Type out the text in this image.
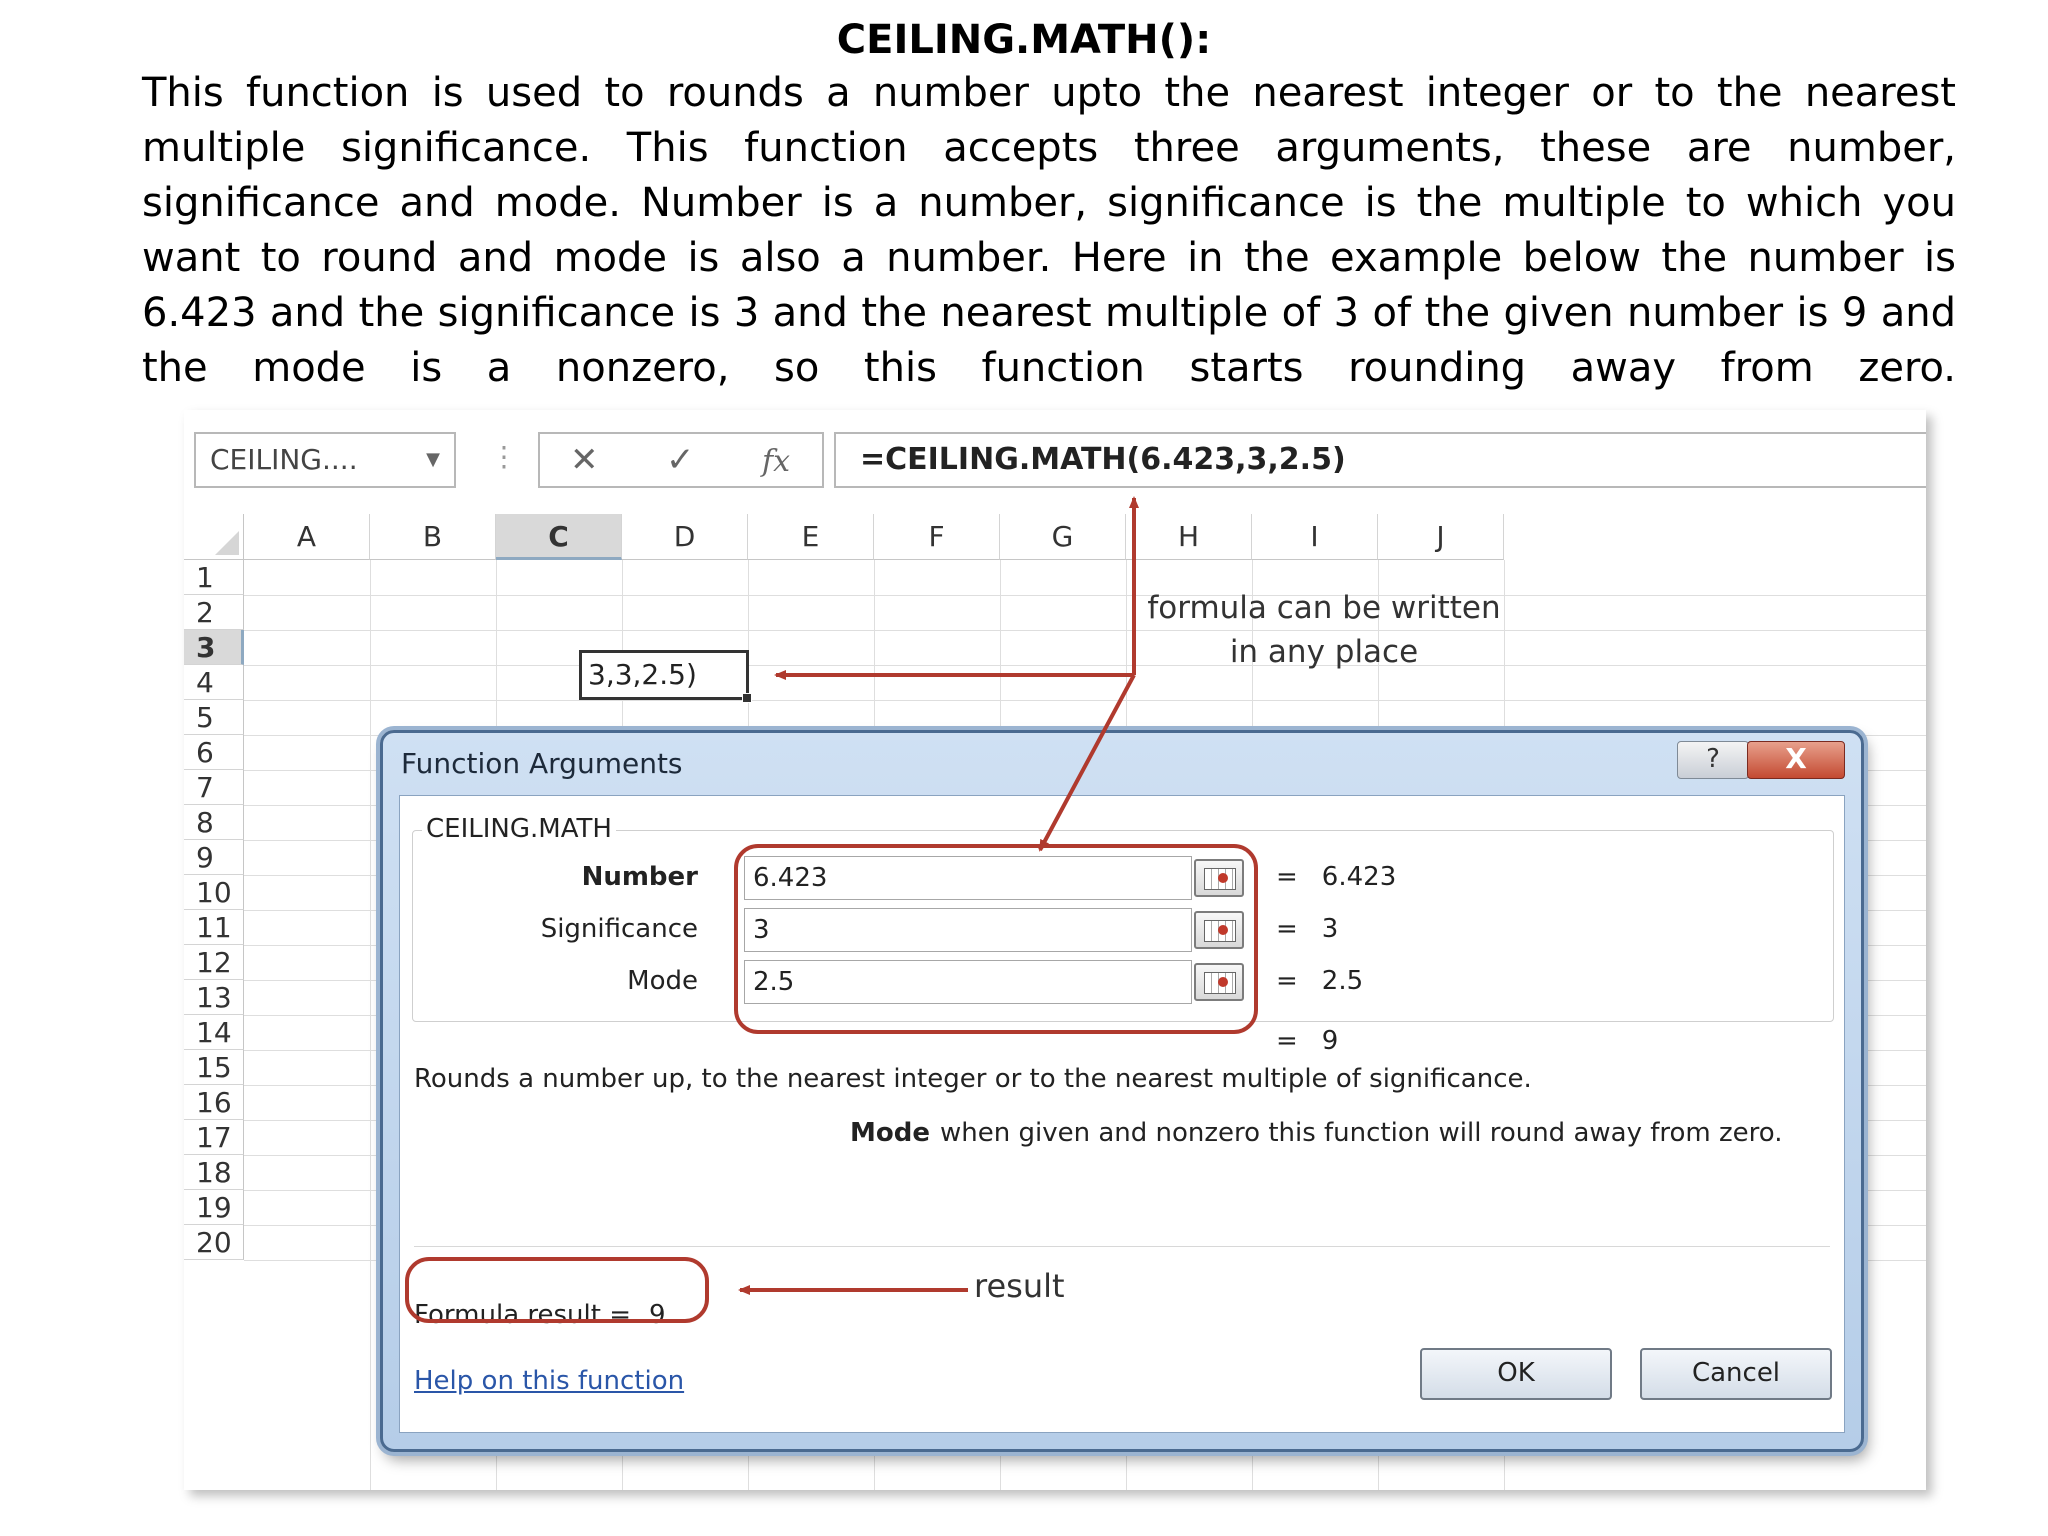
CEILING.MATH():
This function is used to rounds a number upto the nearest integer or to the nearest multiple significance. This function accepts three arguments, these are number, significance and mode. Number is a number, significance is the multiple to which you want to round and mode is also a number. Here in the example below the number is 6.423 and the significance is 3 and the nearest multiple of 3 of the given number is 9 and the mode is a nonzero, so this function starts rounding away from zero.
CEILING....	▼ ⋮ ✕ ✓ fx	=CEILING.MATH(6.423,3,2.5)
A	B	C	D	E	F	G	H	I	J
1
2
3
4
5
6
7
8
9
10
11
12
13
14
15
16
17
18
19
20
3,3,2.5)
formula can be written
in any place
Function Arguments	?	X
CEILING.MATH
Number	6.423	= 6.423
Significance	3	= 3
Mode	2.5	= 2.5
= 9
Rounds a number up, to the nearest integer or to the nearest multiple of significance.
Mode when given and nonzero this function will round away from zero.
Formula result = 9
Help on this function	OK	Cancel
result
